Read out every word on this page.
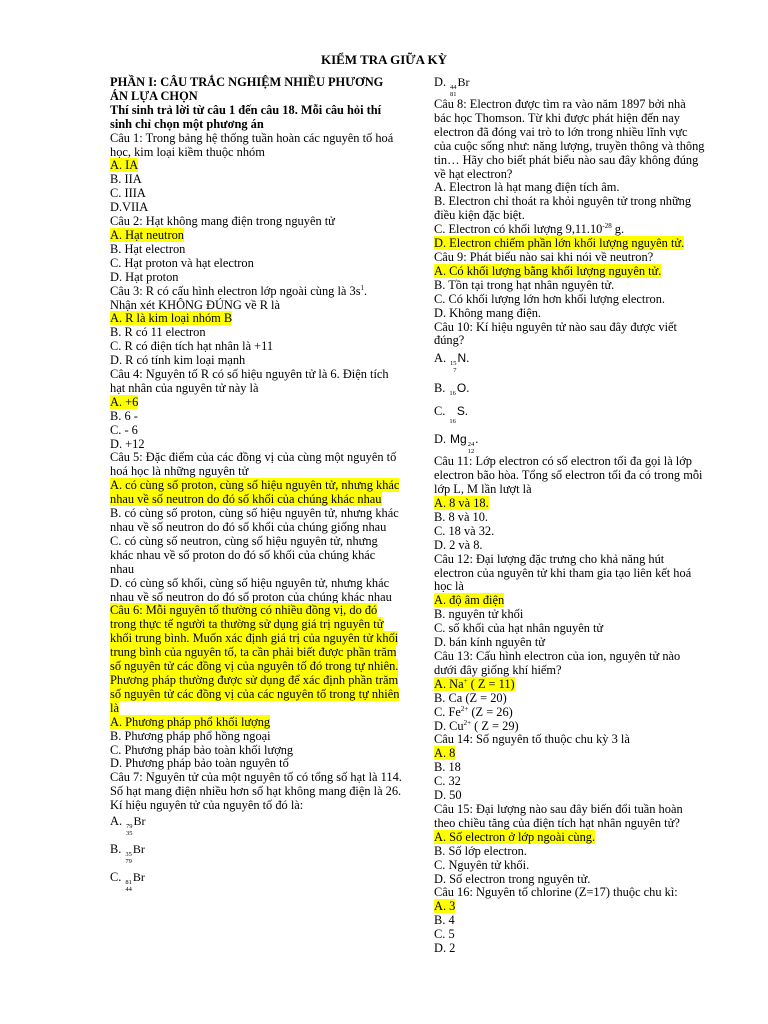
KIỂM TRA GIỮA KỲ
PHẦN I: CÂU TRẮC NGHIỆM NHIỀU PHƯƠNG ÁN LỰA CHỌN
Thí sinh trả lời từ câu 1 đến câu 18. Mỗi câu hỏi thí sinh chỉ chọn một phương án
Câu 1: Trong bảng hệ thống tuần hoàn các nguyên tố hoá học, kim loại kiềm thuộc nhóm
A. IA
B. IIA
C. IIIA
D.VIIA
Câu 2: Hạt không mang điện trong nguyên tử
A. Hạt neutron
B. Hạt electron
C. Hạt proton và hạt electron
D. Hạt proton
Câu 3: R có cấu hình electron lớp ngoài cùng là $3s^1$.
Nhận xét KHÔNG ĐÚNG về R là
A. R là kim loại nhóm B
B. R có 11 electron
C. R có điện tích hạt nhân là +11
D. R có tính kim loại mạnh
Câu 4: Nguyên tố R có số hiệu nguyên tử là 6. Điện tích hạt nhân của nguyên tử này là
A. +6
B. 6 -
C. - 6
D. +12
Câu 5: Đặc điểm của các đồng vị của cùng một nguyên tố hoá học là những nguyên tử
A. có cùng số proton, cùng số hiệu nguyên tử, nhưng khác nhau về số neutron do đó số khối của chúng khác nhau
B. có cùng số proton, cùng số hiệu nguyên tử, nhưng khác nhau về số neutron do đó số khối của chúng giống nhau
C. có cùng số neutron, cùng số hiệu nguyên tử, nhưng khác nhau về số proton do đó số khối của chúng khác nhau
D. có cùng số khối, cùng số hiệu nguyên tử, nhưng khác nhau về số neutron do đó số proton của chúng khác nhau
Câu 6: Mỗi nguyên tố thường có nhiều đồng vị, do đó trong thực tế người ta thường sử dụng giá trị nguyên tử khối trung bình. Muốn xác định giá trị của nguyên tử khối trung bình của nguyên tố, ta cần phải biết được phần trăm số nguyên tử các đồng vị của nguyên tố đó trong tự nhiên. Phương pháp thường được sử dụng để xác định phần trăm số nguyên tử các đồng vị của các nguyên tố trong tự nhiên là
A. Phương pháp phổ khối lượng
B. Phương pháp phổ hồng ngoại
C. Phương pháp bảo toàn khối lượng
D. Phương pháp bảo toàn nguyên tố
Câu 7: Nguyên tử của một nguyên tố có tổng số hạt là 114. Số hạt mang điện nhiều hơn số hạt không mang điện là 26. Kí hiệu nguyên tử của nguyên tố đó là:
A. 79
35
Br
B. 35
79
Br
C. 81
44
Br
D. 44
81
Br
Câu 8: Electron được tìm ra vào năm 1897 bởi nhà bác học Thomson. Từ khi được phát hiện đến nay electron đã đóng vai trò to lớn trong nhiều lĩnh vực của cuộc sống như: năng lượng, truyền thông và thông tin… Hãy cho biết phát biểu nào sau đây không đúng về hạt electron?
A. Electron là hạt mang điện tích âm.
B. Electron chỉ thoát ra khỏi nguyên tử trong những điều kiện đặc biệt.
C. Electron có khối lượng $9,11.10^{-28}$ g.
D. Electron chiếm phần lớn khối lượng nguyên tử.
Câu 9: Phát biểu nào sai khi nói về neutron?
A. Có khối lượng bằng khối lượng nguyên tử.
B. Tồn tại trong hạt nhân nguyên tử.
C. Có khối lượng lớn hơn khối lượng electron.
D. Không mang điện.
Câu 10: Kí hiệu nguyên tử nào sau đây được viết đúng?
A. 15
7
N.
B. 16 O.
C.
16
S.
D. Mg 24
12
.
Câu 11: Lớp electron có số electron tối đa gọi là lớp electron bão hòa. Tổng số electron tối đa có trong mỗi lớp L, M lần lượt là
A. 8 và 18.
B. 8 và 10.
C. 18 và 32.
D. 2 và 8.
Câu 12: Đại lượng đặc trưng cho khả năng hút electron của nguyên tử khi tham gia tạo liên kết hoá học là
A. độ âm điện
B. nguyên tử khối
C. số khối của hạt nhân nguyên tử
D. bán kính nguyên tử
Câu 13: Cấu hình electron của ion, nguyên tử nào dưới đây giống khí hiếm?
A. Na+ ( Z = 11)
B. Ca (Z = 20)
C. $Fe^{2+}$ (Z = 26)
D. $Cu^{2+}$ ( Z = 29)
Câu 14: Số nguyên tố thuộc chu kỳ 3 là
A. 8
B. 18
C. 32
D. 50
Câu 15: Đại lượng nào sau đây biến đổi tuần hoàn theo chiều tăng của điện tích hạt nhân nguyên tử?
A. Số electron ở lớp ngoài cùng.
B. Số lớp electron.
C. Nguyên tử khối.
D. Số electron trong nguyên tử.
Câu 16: Nguyên tố chlorine (Z=17) thuộc chu kì:
A. 3
B. 4
C. 5
D. 2
